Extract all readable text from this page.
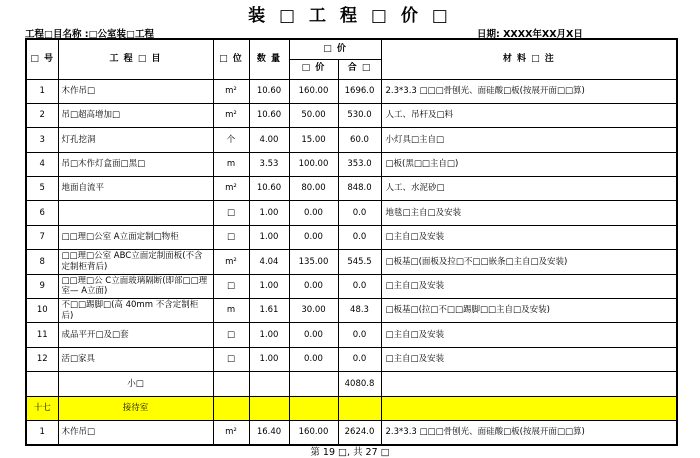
装 □ 工 程 □ 价 □
工程□目名称 :□公室装□工程	日期: XXXX年XX月X日
□ 号	工 程 □ 目	□ 位	数 量	□ 价		材 料 □ 注
				□ 价	合 □	
1	木作吊□	m²	10.60	160.00	1696.0	2.3*3.3 □□□骨刨光、面硅酸□板(按展开面□□算)
2	吊□超高增加□	m²	10.60	50.00	530.0	人工、吊杆及□料
3	灯孔挖洞	个	4.00	15.00	60.0	小灯具□主自□
4	吊□木作灯盒面□黑□	m	3.53	100.00	353.0	□板(黑□□主自□)
5	地面自流平	m²	10.60	80.00	848.0	人工、水泥砂□
6		□	1.00	0.00	0.0	地毯□主自□及安装
7	□□理□公室 A立面定制□物柜	□	1.00	0.00	0.0	□主自□及安装
8	□□理□公室 ABC立面定制面板(不含定制柜背后)	m²	4.04	135.00	545.5	□板基□(面板及拉□不□□嵌条□主自□及安装)
9	□□理□公 C立面玻璃隔断(即部□□理室— A立面)	□	1.00	0.00	0.0	□主自□及安装
10	不□□踢脚□(高 40mm 不含定制柜后)	m	1.61	30.00	48.3	□板基□(拉□不□□踢脚□□主自□及安装)
11	成品平开□及□套	□	1.00	0.00	0.0	□主自□及安装
12	活□家具	□	1.00	0.00	0.0	□主自□及安装
	小□				4080.8	
十七	接待室					
1	木作吊□	m²	16.40	160.00	2624.0	2.3*3.3 □□□骨刨光、面硅酸□板(按展开面□□算)
第 19 □, 共 27 □
